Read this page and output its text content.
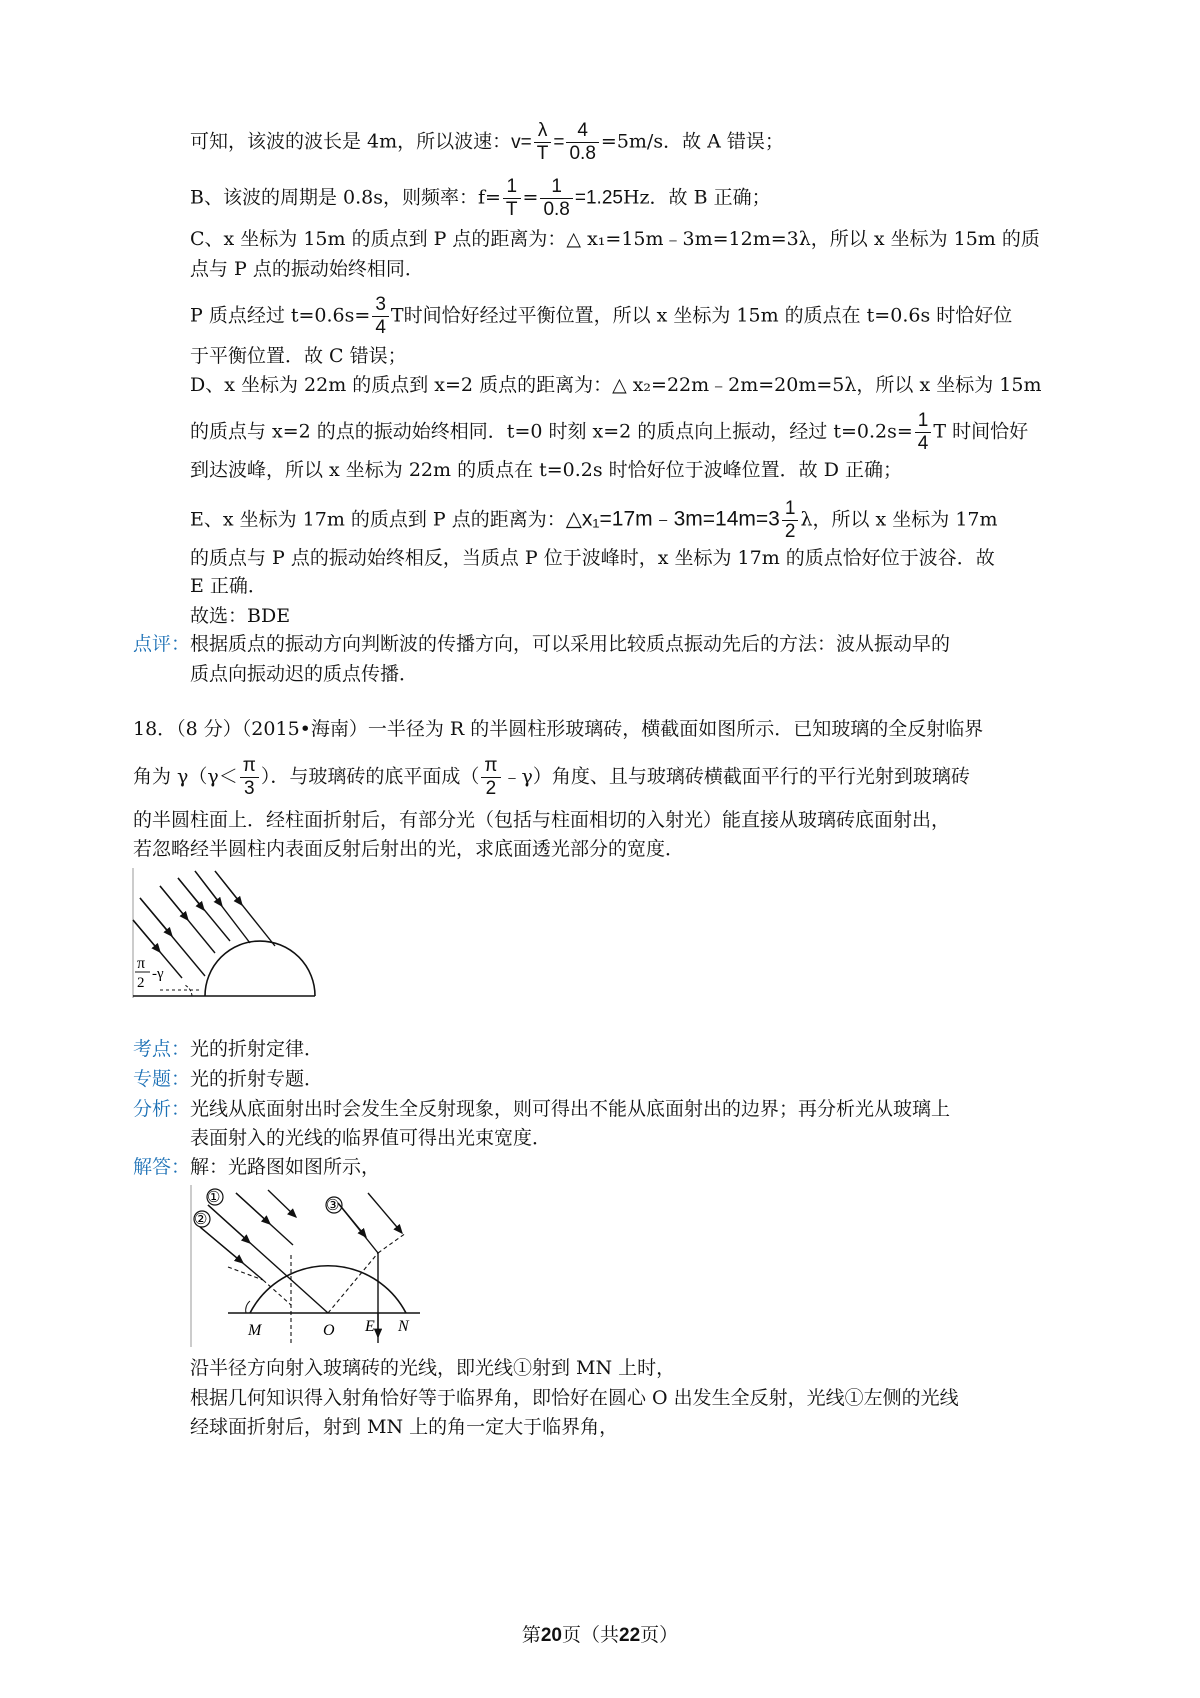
可知，该波的波长是 4m，所以波速：$v= \frac{\lambda}{T} = \frac{4}{0.8} =5m/s$．故 A 错误；
B、该波的周期是 0.8s，则频率：$f= \frac{1}{T} = \frac{1}{0.8} =1.25Hz$．故 B 正确；
C、x 坐标为 15m 的质点到 P 点的距离为：△ x₁=15m﹣3m=12m=3λ，所以 x 坐标为 15m 的质
点与 P 点的振动始终相同．
P 质点经过 $t=0.6s= \frac{3}{4}$ T时间恰好经过平衡位置，所以 x 坐标为 15m 的质点在 t=0.6s 时恰好位
于平衡位置．故 C 错误；
D、x 坐标为 22m 的质点到 x=2 质点的距离为：△ x₂=22m﹣2m=20m=5λ，所以 x 坐标为 15m
的质点与 x=2 的点的振动始终相同．t=0 时刻 x=2 的质点向上振动，经过 $t=0.2s= \frac{1}{4}$ T 时间恰好
到达波峰，所以 x 坐标为 22m 的质点在 t=0.2s 时恰好位于波峰位置．故 D 正确；
E、x 坐标为 17m 的质点到 P 点的距离为：△x₁=17m﹣3m=14m=3 $\frac{1}{2}$ λ，所以 x 坐标为 17m
的质点与 P 点的振动始终相反，当质点 P 位于波峰时，x 坐标为 17m 的质点恰好位于波谷．故
E 正确．
故选：BDE
点评： 根据质点的振动方向判断波的传播方向，可以采用比较质点振动先后的方法：波从振动早的
质点向振动迟的质点传播．
18．（8 分）（2015•海南）一半径为 R 的半圆柱形玻璃砖，横截面如图所示．已知玻璃的全反射临界
角为 $\gamma(\gamma< \frac{\pi}{3}$ ）．与玻璃砖的底平面成（ $\frac{\pi}{2}$ ﹣γ）角度、且与玻璃砖横截面平行的平行光射到玻璃砖
的半圆柱面上．经柱面折射后，有部分光（包括与柱面相切的入射光）能直接从玻璃砖底面射出，
若忽略经半圆柱内表面反射后射出的光，求底面透光部分的宽度．
π
2
-γ
考点： 光的折射定律．
专题： 光的折射专题．
分析： 光线从底面射出时会发生全反射现象，则可得出不能从底面射出的边界；再分析光从玻璃上
表面射入的光线的临界值可得出光束宽度．
解答： 解：光路图如图所示，
①
②
③
M	O E N
沿半径方向射入玻璃砖的光线，即光线①射到 MN 上时，
根据几何知识得入射角恰好等于临界角，即恰好在圆心 O 出发生全反射，光线①左侧的光线
经球面折射后，射到 MN 上的角一定大于临界角，
第20页（共22页）
